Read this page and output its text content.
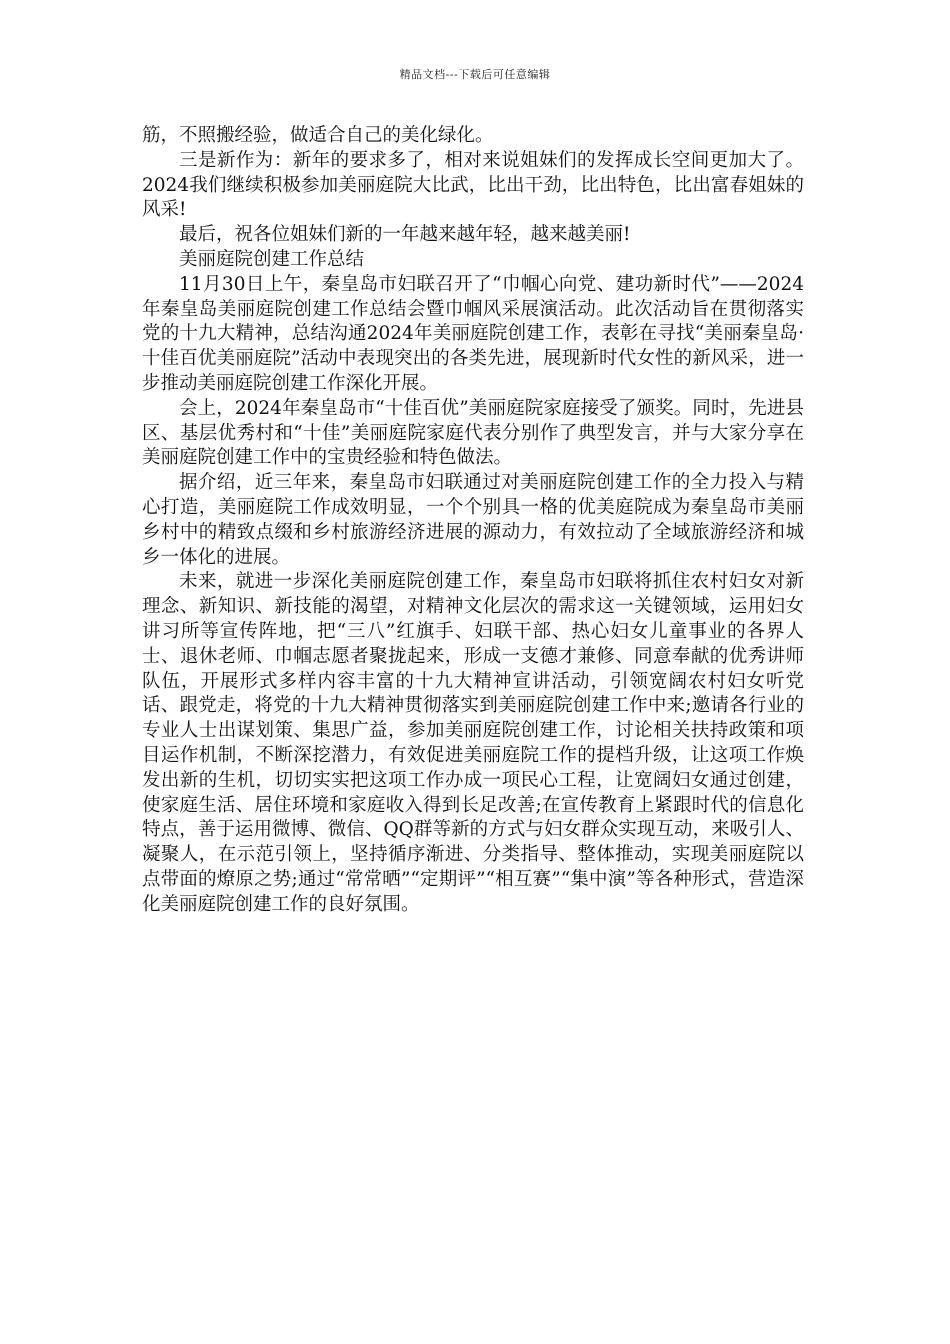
精品文档---下载后可任意编辑

筋，不照搬经验，做适合自己的美化绿化。

三是新作为：新年的要求多了，相对来说姐妹们的发挥成长空间更加大了。2024我们继续积极参加美丽庭院大比武，比出干劲，比出特色，比出富春姐妹的风采!

最后，祝各位姐妹们新的一年越来越年轻，越来越美丽!

美丽庭院创建工作总结

11月30日上午，秦皇岛市妇联召开了“巾帼心向党、建功新时代”——2024年秦皇岛美丽庭院创建工作总结会暨巾帼风采展演活动。此次活动旨在贯彻落实党的十九大精神，总结沟通2024年美丽庭院创建工作，表彰在寻找“美丽秦皇岛·十佳百优美丽庭院”活动中表现突出的各类先进，展现新时代女性的新风采，进一步推动美丽庭院创建工作深化开展。

会上，2024年秦皇岛市“十佳百优”美丽庭院家庭接受了颁奖。同时，先进县区、基层优秀村和“十佳”美丽庭院家庭代表分别作了典型发言，并与大家分享在美丽庭院创建工作中的宝贵经验和特色做法。

据介绍，近三年来，秦皇岛市妇联通过对美丽庭院创建工作的全力投入与精心打造，美丽庭院工作成效明显，一个个别具一格的优美庭院成为秦皇岛市美丽乡村中的精致点缀和乡村旅游经济进展的源动力，有效拉动了全域旅游经济和城乡一体化的进展。

未来，就进一步深化美丽庭院创建工作，秦皇岛市妇联将抓住农村妇女对新理念、新知识、新技能的渴望，对精神文化层次的需求这一关键领域，运用妇女讲习所等宣传阵地，把“三八”红旗手、妇联干部、热心妇女儿童事业的各界人士、退休老师、巾帼志愿者聚拢起来，形成一支德才兼修、同意奉献的优秀讲师队伍，开展形式多样内容丰富的十九大精神宣讲活动，引领宽阔农村妇女听党话、跟党走，将党的十九大精神贯彻落实到美丽庭院创建工作中来;邀请各行业的专业人士出谋划策、集思广益，参加美丽庭院创建工作，讨论相关扶持政策和项目运作机制，不断深挖潜力，有效促进美丽庭院工作的提档升级，让这项工作焕发出新的生机，切切实实把这项工作办成一项民心工程，让宽阔妇女通过创建，使家庭生活、居住环境和家庭收入得到长足改善;在宣传教育上紧跟时代的信息化特点，善于运用微博、微信、QQ群等新的方式与妇女群众实现互动，来吸引人、凝聚人，在示范引领上，坚持循序渐进、分类指导、整体推动，实现美丽庭院以点带面的燎原之势;通过“常常晒”“定期评”“相互赛”“集中演”等各种形式，营造深化美丽庭院创建工作的良好氛围。
